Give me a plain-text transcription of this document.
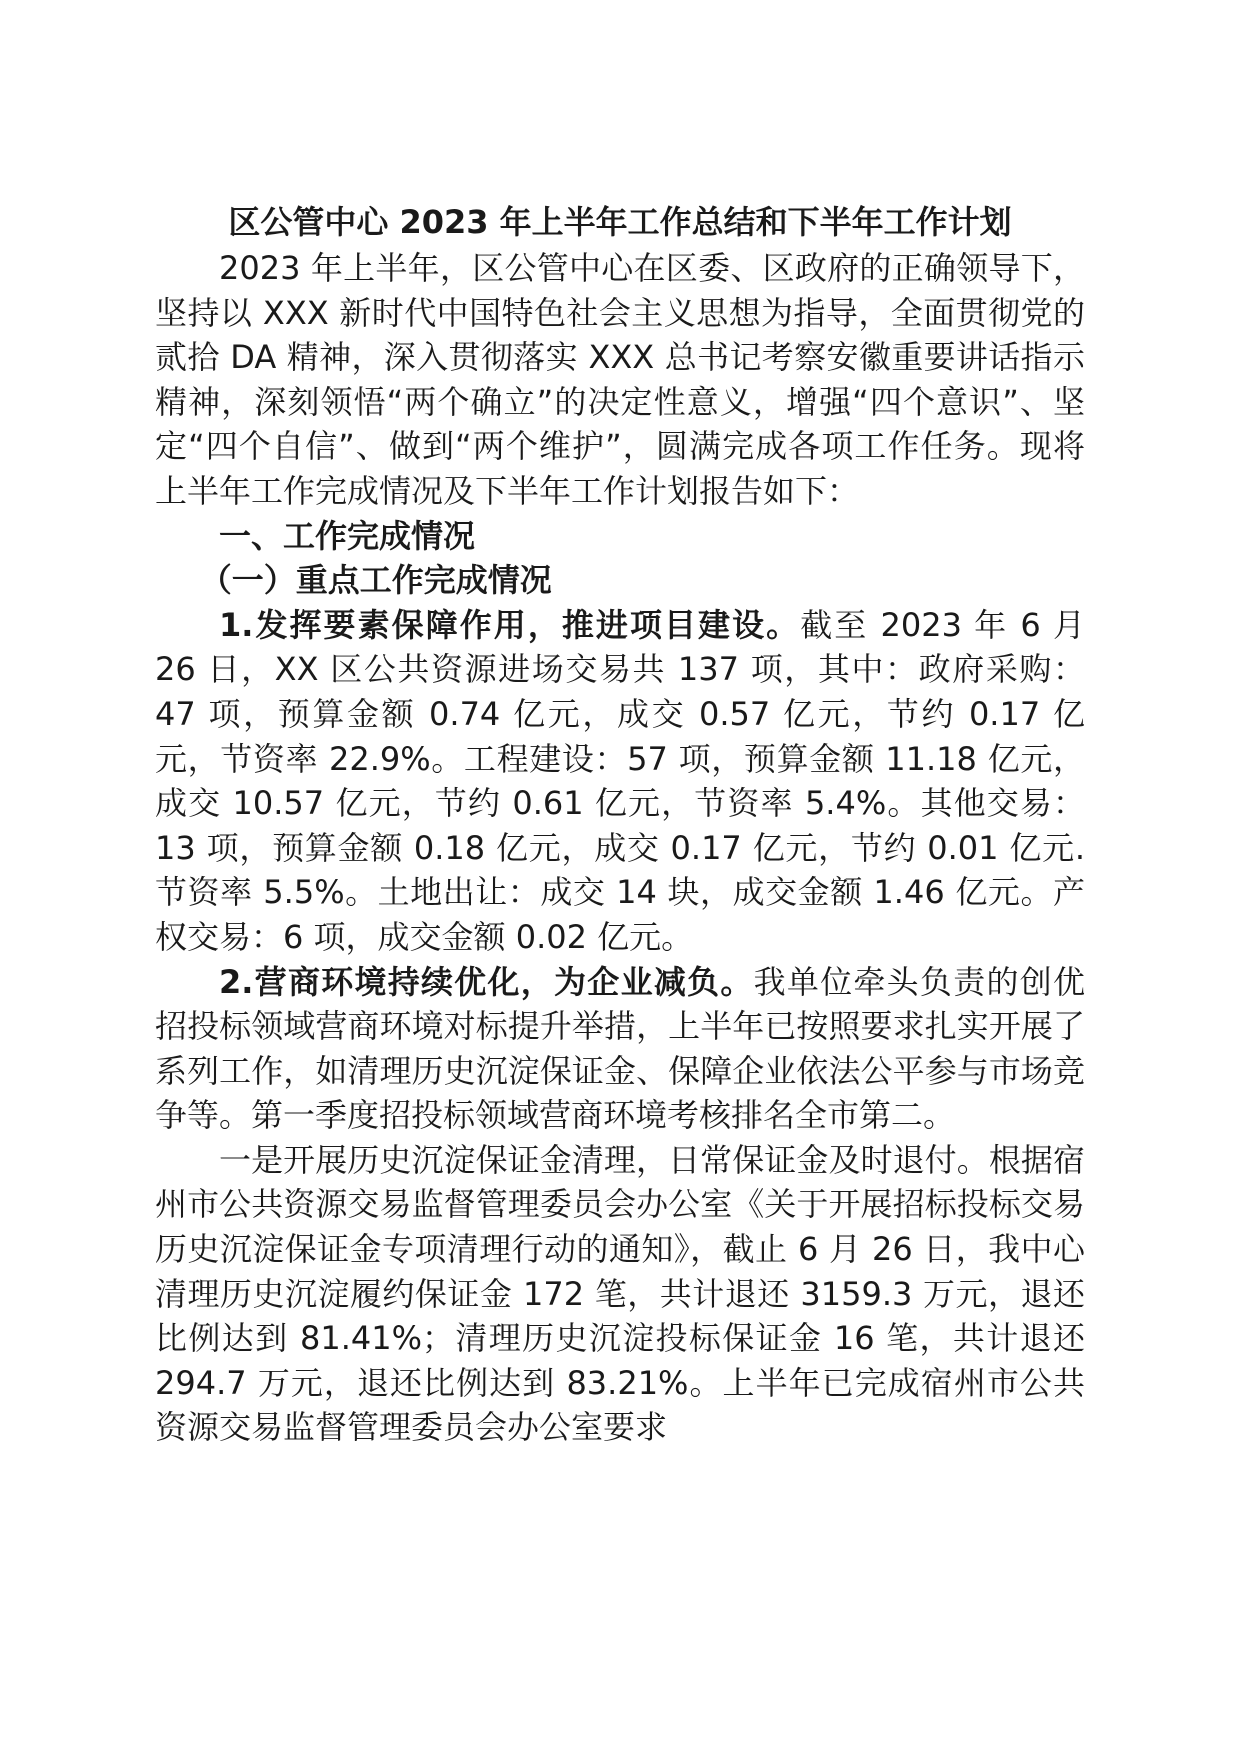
区公管中心 2023 年上半年工作总结和下半年工作计划

2023 年上半年，区公管中心在区委、区政府的正确领导下，坚持以 XXX 新时代中国特色社会主义思想为指导，全面贯彻党的贰拾 DA 精神，深入贯彻落实 XXX 总书记考察安徽重要讲话指示精神，深刻领悟“两个确立”的决定性意义，增强“四个意识”、坚定“四个自信”、做到“两个维护”，圆满完成各项工作任务。现将上半年工作完成情况及下半年工作计划报告如下：

一、工作完成情况

（一）重点工作完成情况

1.发挥要素保障作用，推进项目建设。截至 2023 年 6 月 26 日，XX 区公共资源进场交易共 137 项，其中：政府采购：47 项，预算金额 0.74 亿元，成交 0.57 亿元，节约 0.17 亿元，节资率 22.9%。工程建设：57 项，预算金额 11.18 亿元，成交 10.57 亿元，节约 0.61 亿元，节资率 5.4%。其他交易：13 项，预算金额 0.18 亿元，成交 0.17 亿元，节约 0.01 亿元.节资率 5.5%。土地出让：成交 14 块，成交金额 1.46 亿元。产权交易：6 项，成交金额 0.02 亿元。

2.营商环境持续优化，为企业减负。我单位牵头负责的创优招投标领域营商环境对标提升举措，上半年已按照要求扎实开展了系列工作，如清理历史沉淀保证金、保障企业依法公平参与市场竞争等。第一季度招投标领域营商环境考核排名全市第二。

一是开展历史沉淀保证金清理，日常保证金及时退付。根据宿州市公共资源交易监督管理委员会办公室《关于开展招标投标交易历史沉淀保证金专项清理行动的通知》，截止 6 月 26 日，我中心清理历史沉淀履约保证金 172 笔，共计退还 3159.3 万元，退还比例达到 81.41%；清理历史沉淀投标保证金 16 笔，共计退还 294.7 万元，退还比例达到 83.21%。上半年已完成宿州市公共资源交易监督管理委员会办公室要求
